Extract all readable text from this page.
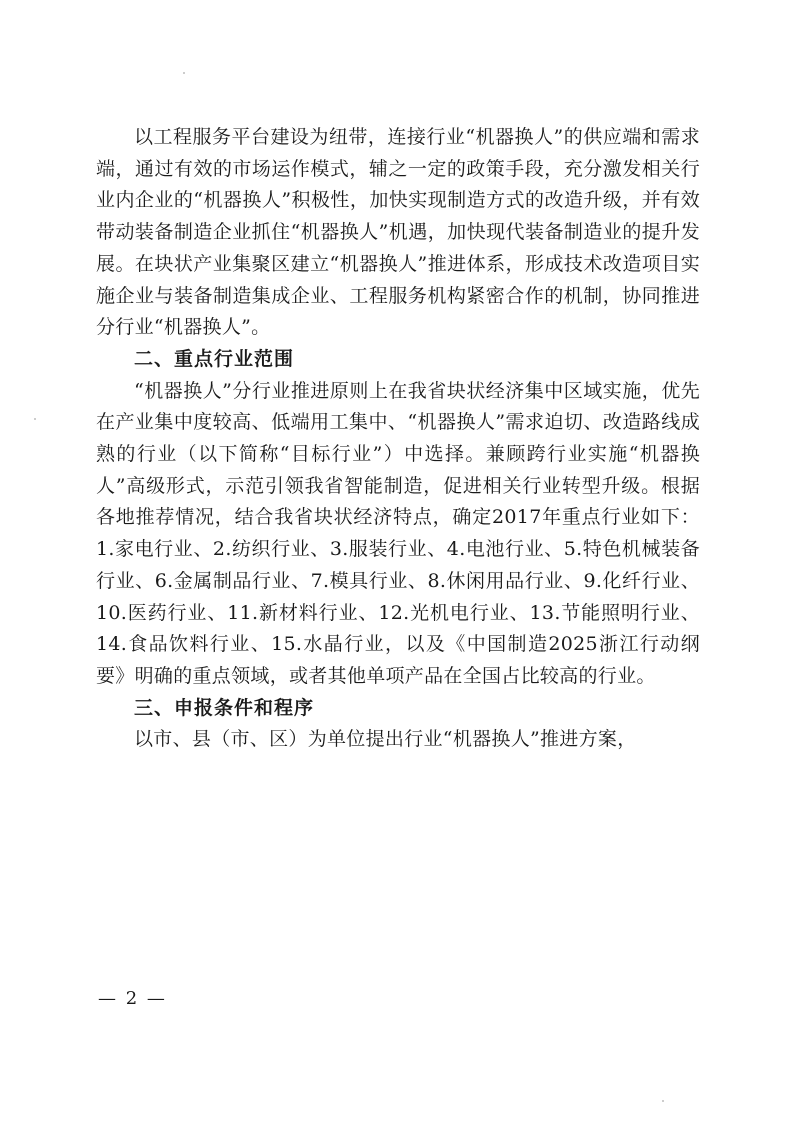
以工程服务平台建设为纽带，连接行业“机器换人”的供应端和需求端，通过有效的市场运作模式，辅之一定的政策手段，充分激发相关行业内企业的“机器换人”积极性，加快实现制造方式的改造升级，并有效带动装备制造企业抓住“机器换人”机遇，加快现代装备制造业的提升发展。在块状产业集聚区建立“机器换人”推进体系，形成技术改造项目实施企业与装备制造集成企业、工程服务机构紧密合作的机制，协同推进分行业“机器换人”。

二、重点行业范围

“机器换人”分行业推进原则上在我省块状经济集中区域实施，优先在产业集中度较高、低端用工集中、“机器换人”需求迫切、改造路线成熟的行业（以下简称“目标行业”）中选择。兼顾跨行业实施“机器换人”高级形式，示范引领我省智能制造，促进相关行业转型升级。根据各地推荐情况，结合我省块状经济特点，确定2017年重点行业如下：1.家电行业、2.纺织行业、3.服装行业、4.电池行业、5.特色机械装备行业、6.金属制品行业、7.模具行业、8.休闲用品行业、9.化纤行业、10.医药行业、11.新材料行业、12.光机电行业、13.节能照明行业、14.食品饮料行业、15.水晶行业，以及《中国制造2025浙江行动纲要》明确的重点领域，或者其他单项产品在全国占比较高的行业。

三、申报条件和程序

以市、县（市、区）为单位提出行业“机器换人”推进方案，

— 2 —
